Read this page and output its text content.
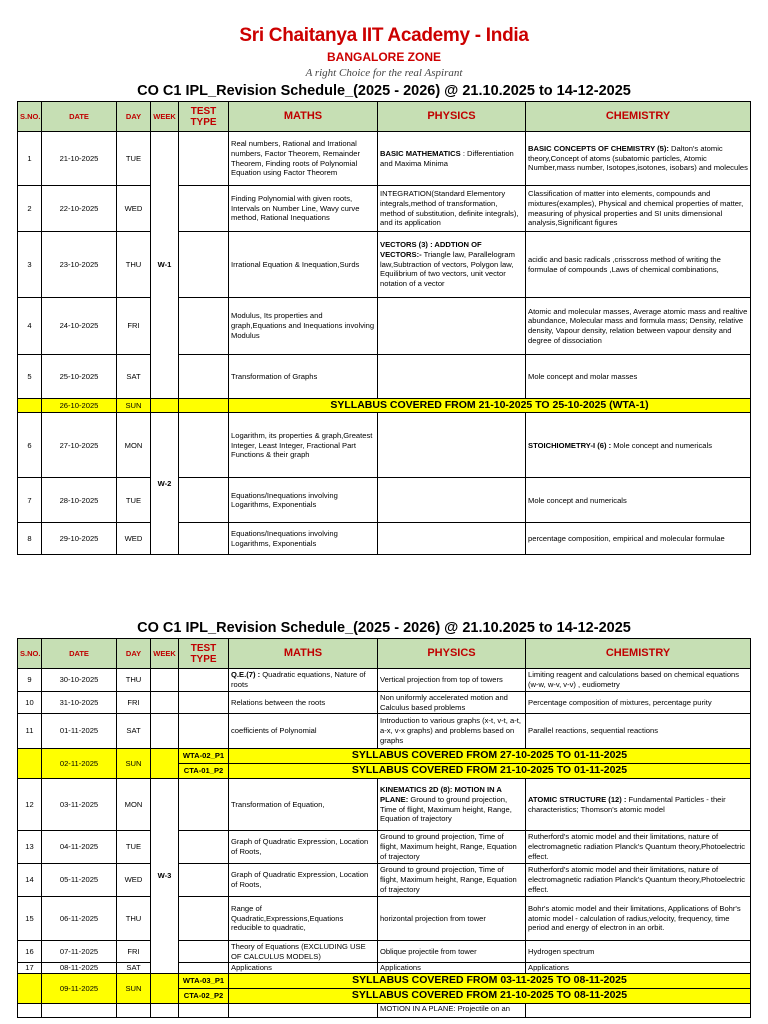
Sri Chaitanya IIT Academy - India
BANGALORE ZONE
A right Choice for the real Aspirant
CO C1 IPL_Revision Schedule_(2025 - 2026) @ 21.10.2025 to 14-12-2025
S.NO.	DATE	DAY	WEEK	TEST TYPE	MATHS	PHYSICS	CHEMISTRY
1	21-10-2025	TUE	W-1		Real numbers, Rational and Irrational numbers, Factor Theorem, Remainder Theorem, Finding roots of Polynomial Equation using Factor Theorem	BASIC MATHEMATICS : Differentiation and Maxima Minima	BASIC CONCEPTS OF CHEMISTRY (5): Dalton's atomic theory,Concept of atoms (subatomic particles, Atomic Number,mass number, Isotopes,isotones, isobars) and molecules
2	22-10-2025	WED			Finding Polynomial with given roots, Intervals on Number Line, Wavy curve method, Rational Inequations	INTEGRATION(Standard Elementory integrals,method of transformation, method of substitution, definite integrals), and its application	Classification of matter into elements, compounds and mixtures(examples), Physical and chemical properties of matter, measuring of physical properties and SI units dimensional analysis,Significant figures
3	23-10-2025	THU			Irrational Equation & Inequation,Surds	VECTORS (3) : ADDTION OF VECTORS:- Triangle law, Parallelogram law,Subtraction of vectors, Polygon law, Equilibrium of two vectors, unit vector notation of a vector	acidic and basic radicals ,crisscross method of writing the formulae of compounds ,Laws of chemical combinations,
4	24-10-2025	FRI			Modulus, Its properties and graph,Equations and Inequations involving Modulus		Atomic and molecular masses, Average atomic mass and realtive abundance, Molecular mass and formula mass; Density, relative density, Vapour density, relation between vapour density and degree of dissociation
5	25-10-2025	SAT			Transformation of Graphs		Mole concept and molar masses
	26-10-2025	SUN			SYLLABUS COVERED FROM 21-10-2025 TO 25-10-2025 (WTA-1)		
6	27-10-2025	MON	W-2		Logarithm, its properties & graph,Greatest Integer, Least Integer, Fractional Part Functions & their graph		STOICHIOMETRY-I (6) : Mole concept and numericals
7	28-10-2025	TUE			Equations/Inequations involving Logarithms, Exponentials		Mole concept and numericals
8	29-10-2025	WED			Equations/Inequations involving Logarithms, Exponentials		percentage composition, empirical and molecular formulae
CO C1 IPL_Revision Schedule_(2025 - 2026) @ 21.10.2025 to 14-12-2025
S.NO.	DATE	DAY	WEEK	TEST TYPE	MATHS	PHYSICS	CHEMISTRY
9	30-10-2025	THU			Q.E.(7) : Quadratic equations, Nature of roots	Vertical projection from top of towers	Limiting reagent and calculations based on chemical equations (w-w, w-v, v-v) , eudiometry
10	31-10-2025	FRI			Relations between the roots	Non uniformly accelerated motion and Calculus based problems	Percentage composition of mixtures, percentage purity
11	01-11-2025	SAT			coefficients of Polynomial	Introduction to various graphs (x-t, v-t, a-t, a-x, v-x graphs) and problems based on graphs	Parallel reactions, sequential reactions
	02-11-2025	SUN		WTA-02_P1	SYLLABUS COVERED FROM 27-10-2025 TO 01-11-2025		
				CTA-01_P2	SYLLABUS COVERED FROM 21-10-2025 TO 01-11-2025		
12	03-11-2025	MON	W-3		Transformation of Equation,	KINEMATICS 2D (8): MOTION IN A PLANE: Ground to ground projection, Time of flight, Maximum height, Range, Equation of trajectory	ATOMIC STRUCTURE (12) : Fundamental Particles - their characteristics; Thomson's atomic model
13	04-11-2025	TUE			Graph of Quadratic Expression, Location of Roots,	Ground to ground projection, Time of flight, Maximum height, Range, Equation of trajectory	Rutherford's atomic model and their limitations, nature of electromagnetic radiation Planck's Quantum theory,Photoelectric effect.
14	05-11-2025	WED			Graph of Quadratic Expression, Location of Roots,	Ground to ground projection, Time of flight, Maximum height, Range, Equation of trajectory	Rutherford's atomic model and their limitations, nature of electromagnetic radiation Planck's Quantum theory,Photoelectric effect.
15	06-11-2025	THU			Range of Quadratic,Expressions,Equations reducible to quadratic,	horizontal projection from tower	Bohr's atomic model and their limitations, Applications of Bohr's atomic model - calculation of radius,velocity, frequency, time period and energy of electron in an orbit.
16	07-11-2025	FRI			Theory of Equations (EXCLUDING USE OF CALCULUS MODELS)	Oblique projectile from tower	Hydrogen spectrum
17	08-11-2025	SAT			Applications	Applications	Applications
	09-11-2025	SUN		WTA-03_P1	SYLLABUS COVERED FROM 03-11-2025 TO 08-11-2025		
				CTA-02_P2	SYLLABUS COVERED FROM 21-10-2025 TO 08-11-2025		
						MOTION IN A PLANE: Projectile on an	
